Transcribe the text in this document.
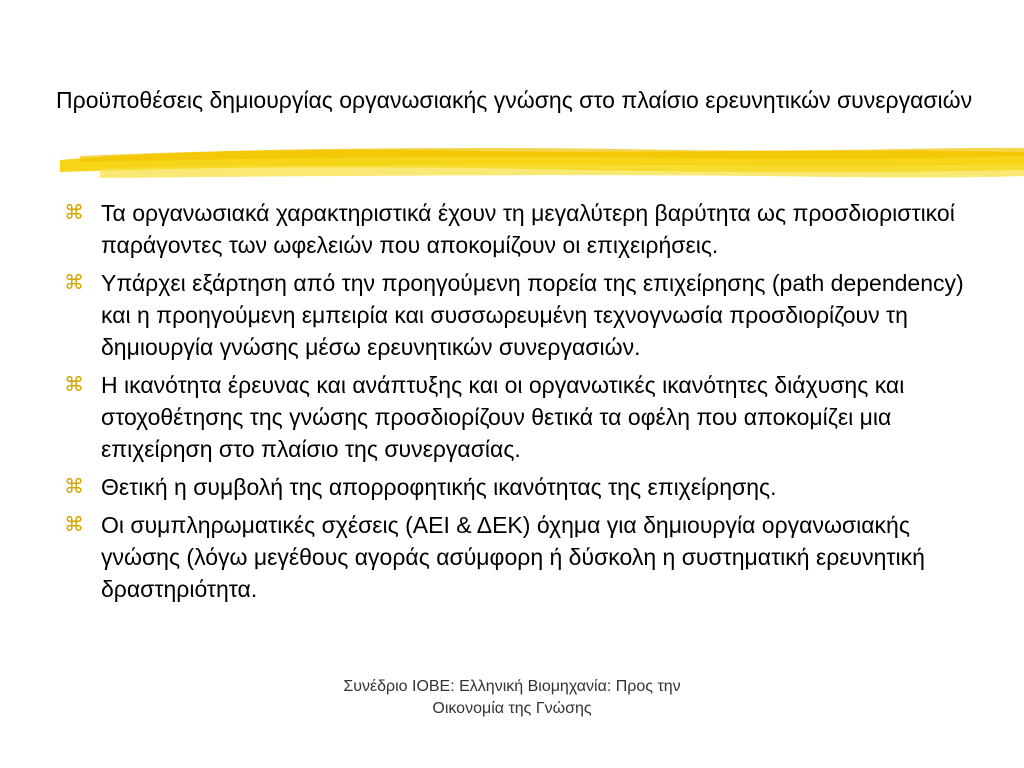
Προϋποθέσεις δημιουργίας οργανωσιακής γνώσης στο πλαίσιο ερευνητικών συνεργασιών
⌘ Τα οργανωσιακά χαρακτηριστικά έχουν τη μεγαλύτερη βαρύτητα ως προσδιοριστικοί παράγοντες των ωφελειών που αποκομίζουν οι επιχειρήσεις.
⌘ Υπάρχει εξάρτηση από την προηγούμενη πορεία της επιχείρησης (path dependency) και η προηγούμενη εμπειρία και συσσωρευμένη τεχνογνωσία προσδιορίζουν τη δημιουργία γνώσης μέσω ερευνητικών συνεργασιών.
⌘ Η ικανότητα έρευνας και ανάπτυξης και οι οργανωτικές ικανότητες διάχυσης και στοχοθέτησης της γνώσης προσδιορίζουν θετικά τα οφέλη που αποκομίζει μια επιχείρηση στο πλαίσιο της συνεργασίας.
⌘ Θετική η συμβολή της απορροφητικής ικανότητας της επιχείρησης.
⌘ Οι συμπληρωματικές σχέσεις (ΑΕΙ & ΔΕΚ) όχημα για δημιουργία οργανωσιακής γνώσης (λόγω μεγέθους αγοράς ασύμφορη ή δύσκολη η συστηματική ερευνητική δραστηριότητα.
Συνέδριο ΙΟΒΕ: Ελληνική Βιομηχανία: Προς την Οικονομία της Γνώσης
